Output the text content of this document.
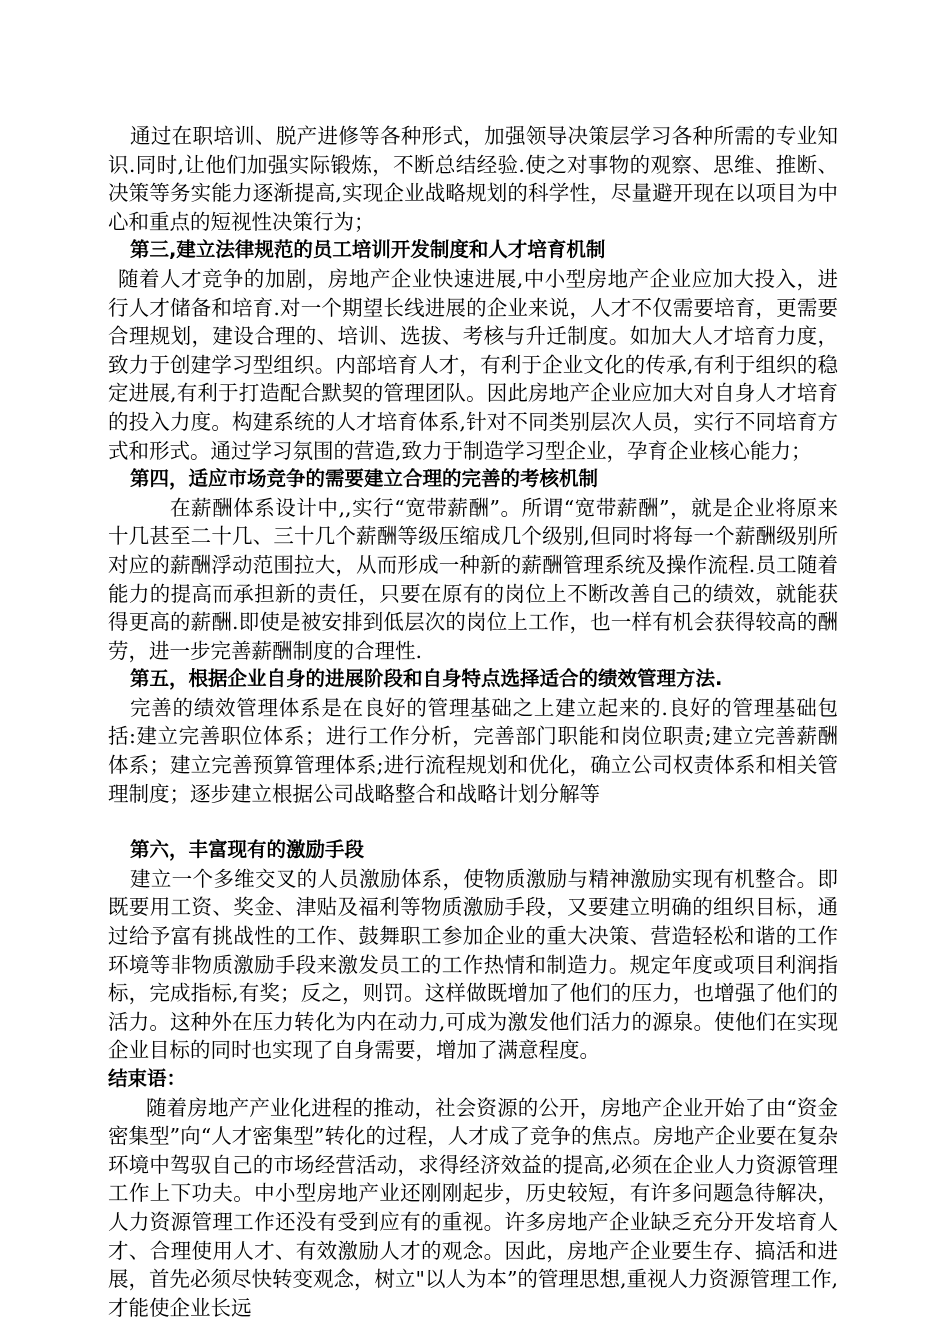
通过在职培训、脱产进修等各种形式，加强领导决策层学习各种所需的专业知识.同时,让他们加强实际锻炼，不断总结经验.使之对事物的观察、思维、推断、决策等务实能力逐渐提高,实现企业战略规划的科学性，尽量避开现在以项目为中心和重点的短视性决策行为；

第三,建立法律规范的员工培训开发制度和人才培育机制

随着人才竞争的加剧，房地产企业快速进展,中小型房地产企业应加大投入，进行人才储备和培育.对一个期望长线进展的企业来说，人才不仅需要培育，更需要合理规划，建设合理的、培训、选拔、考核与升迁制度。如加大人才培育力度，致力于创建学习型组织。内部培育人才，有利于企业文化的传承,有利于组织的稳定进展,有利于打造配合默契的管理团队。因此房地产企业应加大对自身人才培育的投入力度。构建系统的人才培育体系,针对不同类别层次人员，实行不同培育方式和形式。通过学习氛围的营造,致力于制造学习型企业，孕育企业核心能力；

第四，适应市场竞争的需要建立合理的完善的考核机制

在薪酬体系设计中,,实行“宽带薪酬”。所谓“宽带薪酬”，就是企业将原来十几甚至二十几、三十几个薪酬等级压缩成几个级别,但同时将每一个薪酬级别所对应的薪酬浮动范围拉大，从而形成一种新的薪酬管理系统及操作流程.员工随着能力的提高而承担新的责任，只要在原有的岗位上不断改善自己的绩效，就能获得更高的薪酬.即使是被安排到低层次的岗位上工作，也一样有机会获得较高的酬劳，进一步完善薪酬制度的合理性.

第五，根据企业自身的进展阶段和自身特点选择适合的绩效管理方法.

完善的绩效管理体系是在良好的管理基础之上建立起来的.良好的管理基础包括:建立完善职位体系；进行工作分析，完善部门职能和岗位职责;建立完善薪酬体系；建立完善预算管理体系;进行流程规划和优化，确立公司权责体系和相关管理制度；逐步建立根据公司战略整合和战略计划分解等

第六，丰富现有的激励手段

建立一个多维交叉的人员激励体系，使物质激励与精神激励实现有机整合。即既要用工资、奖金、津贴及福利等物质激励手段，又要建立明确的组织目标，通过给予富有挑战性的工作、鼓舞职工参加企业的重大决策、营造轻松和谐的工作环境等非物质激励手段来激发员工的工作热情和制造力。规定年度或项目利润指标，完成指标,有奖；反之，则罚。这样做既增加了他们的压力，也增强了他们的活力。这种外在压力转化为内在动力,可成为激发他们活力的源泉。使他们在实现企业目标的同时也实现了自身需要，增加了满意程度。

结束语：

随着房地产产业化进程的推动，社会资源的公开，房地产企业开始了由“资金密集型”向“人才密集型”转化的过程，人才成了竞争的焦点。房地产企业要在复杂环境中驾驭自己的市场经营活动，求得经济效益的提高,必须在企业人力资源管理工作上下功夫。中小型房地产业还刚刚起步，历史较短，有许多问题急待解决，人力资源管理工作还没有受到应有的重视。许多房地产企业缺乏充分开发培育人才、合理使用人才、有效激励人才的观念。因此，房地产企业要生存、搞活和进展，首先必须尽快转变观念，树立"以人为本”的管理思想,重视人力资源管理工作,才能使企业长远
